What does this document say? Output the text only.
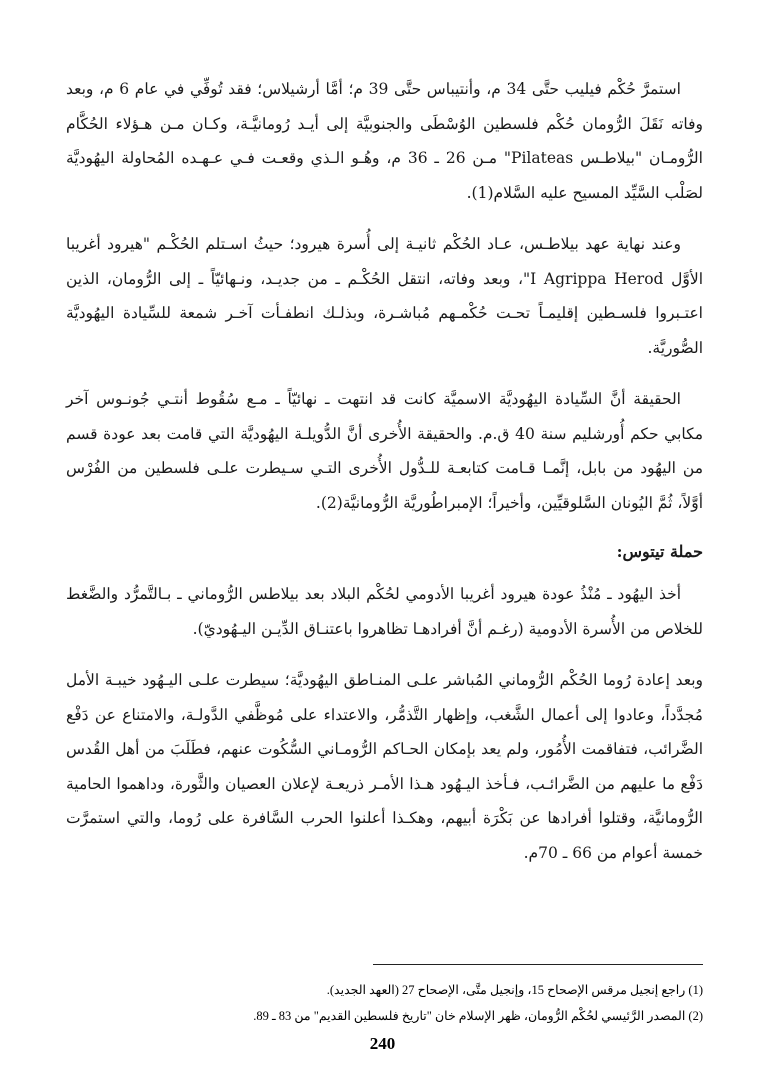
استمرَّ حُكْم فيليب حتَّى 34 م، وأنتيباس حتَّى 39 م؛ أمَّا أرشيلاس؛ فقد تُوفِّي في عام 6 م، وبعد وفاته نَقَلَ الرُّومان حُكْم فلسطين الوُسْطَى والجنوبيَّة إلى أيـد رُومانيَّـة، وكـان مـن هـؤلاء الحُكَّام الرُّومـان "بيلاطـس Pilateas" مـن 26 ـ 36 م، وهُـو الـذي وقعـت فـي عـهـده المُحاولة اليهُوديَّة لصَلْب السَّيِّد المسيح عليه السَّلام(1).

وعند نهاية عهد بيلاطـس، عـاد الحُكْم ثانيـة إلى أُسرة هيرود؛ حيثُ اسـتلم الحُكْـم "هيرود أغريبا الأوَّل I Agrippa Herod"، وبعد وفاته، انتقل الحُكْـم ـ من جديـد، ونـهائيّاً ـ إلى الرُّومان، الذين اعتـبروا فلسـطين إقليمـاً تحـت حُكْمـهم مُباشـرة، وبذلـك انطفـأت آخـر شمعة للسِّيادة اليهُوديَّة الصُّوريَّة.

الحقيقة أنَّ السِّيادة اليهُوديَّة الاسميَّة كانت قد انتهت ـ نهائيّاً ـ مـع سُقُوط أنتـي جُونـوس آخر مكابي حكم أُورشليم سنة 40 ق.م. والحقيقة الأُخرى أنَّ الدُّويلـة اليهُوديَّة التي قامت بعد عودة قسم من اليهُود من بابل، إنَّمـا قـامت كتابعـة للـدُّول الأُخرى التـي سـيطرت علـى فلسطين من الفُرْس أوَّلاً، ثُمَّ اليُونان السَّلوقيِّين، وأخيراً؛ الإمبراطُوريَّة الرُّومانيَّة(2).

حملة تيتوس:

أخذ اليهُود ـ مُنْذُ عودة هيرود أغريبا الأدومي لحُكْم البلاد بعد بيلاطس الرُّوماني ـ بـالتَّمرُّد والضَّغط للخلاص من الأُسرة الأدومية (رغـم أنَّ أفرادهـا تظاهروا باعتنـاق الدِّيـن اليـهُوديّ).

وبعد إعادة رُوما الحُكْم الرُّوماني المُباشر علـى المنـاطق اليهُوديَّة؛ سيطرت علـى اليـهُود خيبـة الأمل مُجدَّداً، وعادوا إلى أعمال الشَّغب، وإظهار التَّذمُّر، والاعتداء على مُوظَّفي الدَّولـة، والامتناع عن دَفْع الضَّرائب، فتفاقمت الأُمُور، ولم يعد بإمكان الحـاكم الرُّومـاني السُّكُوت عنهم، فطَلَبَ من أهل القُدس دَفْع ما عليهم من الضَّرائـب، فـأخذ اليـهُود هـذا الأمـر ذريعـة لإعلان العصيان والثَّورة، وداهموا الحامية الرُّومانيَّة، وقتلوا أفرادها عن بَكْرَة أبيهم، وهكـذا أعلنوا الحرب السَّافرة على رُوما، والتي استمرَّت خمسة أعوام من 66 ـ 70م.

(1) راجع إنجيل مرقس الإصحاح 15، وإنجيل متَّى، الإصحاح 27 (العهد الجديد).

(2) المصدر الرَّئيسي لحُكْم الرُّومان، ظهر الإسلام خان "تاريخ فلسطين القديم" من 83 ـ 89.

240
